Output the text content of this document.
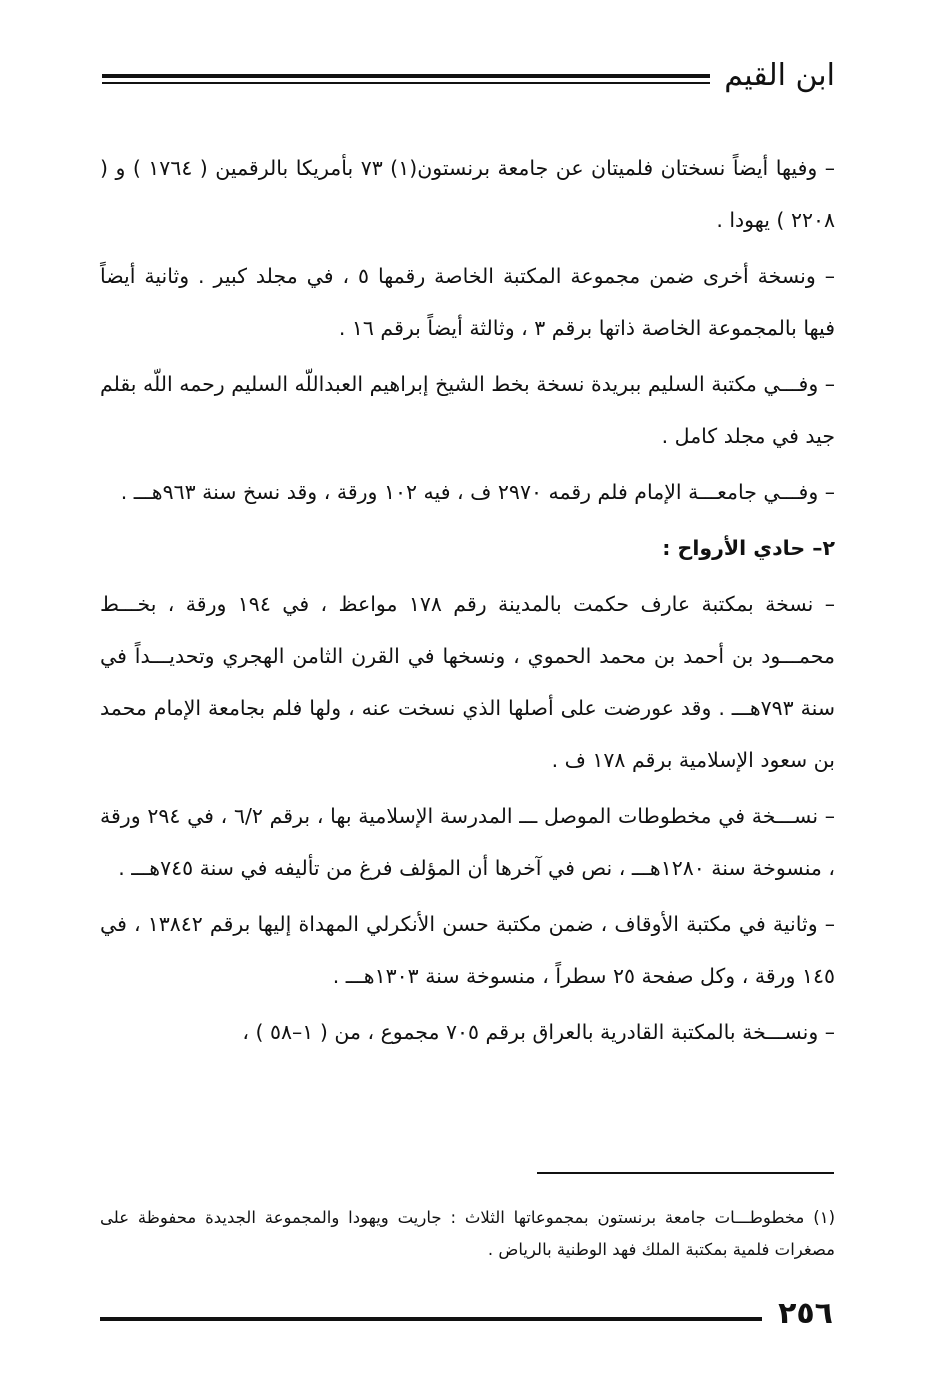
ابن القيم

– وفيها أيضاً نسختان فلميتان عن جامعة برنستون(١) ٧٣ بأمريكا بالرقمين ( ١٧٦٤ ) و ( ٢٢٠٨ ) يهودا .

– ونسخة أخرى ضمن مجموعة المكتبة الخاصة رقمها ٥ ، في مجلد كبير . وثانية أيضاً فيها بالمجموعة الخاصة ذاتها برقم ٣ ، وثالثة أيضاً برقم ١٦ .

– وفـــي مكتبة السليم ببريدة نسخة بخط الشيخ إبراهيم العبداللّه السليم رحمه اللّه بقلم جيد في مجلد كامل .

– وفـــي جامعـــة الإمام فلم رقمه ٢٩٧٠ ف ، فيه ١٠٢ ورقة ، وقد نسخ سنة ٩٦٣هـــ .

٢– حادي الأرواح :

– نسخة بمكتبة عارف حكمت بالمدينة رقم ١٧٨ مواعظ ، في ١٩٤ ورقة ، بخـــط محمـــود بن أحمد بن محمد الحموي ، ونسخها في القرن الثامن الهجري وتحديـــداً في سنة ٧٩٣هـــ . وقد عورضت على أصلها الذي نسخت عنه ، ولها فلم بجامعة الإمام محمد بن سعود الإسلامية برقم ١٧٨ ف .

– نســـخة في مخطوطات الموصل ـــ المدرسة الإسلامية بها ، برقم ٦/٢ ، في ٢٩٤ ورقة ، منسوخة سنة ١٢٨٠هـــ ، نص في آخرها أن المؤلف فرغ من تأليفه في سنة ٧٤٥هـــ .

– وثانية في مكتبة الأوقاف ، ضمن مكتبة حسن الأنكرلي المهداة إليها برقم ١٣٨٤٢ ، في ١٤٥ ورقة ، وكل صفحة ٢٥ سطراً ، منسوخة سنة ١٣٠٣هـــ .

– ونســـخة بالمكتبة القادرية بالعراق برقم ٧٠٥ مجموع ، من ( ١–٥٨ ) ،

(١) مخطوطـــات جامعة برنستون بمجموعاتها الثلاث : جاريت ويهودا والمجموعة الجديدة محفوظة على مصغرات فلمية بمكتبة الملك فهد الوطنية بالرياض .
٢٥٦
